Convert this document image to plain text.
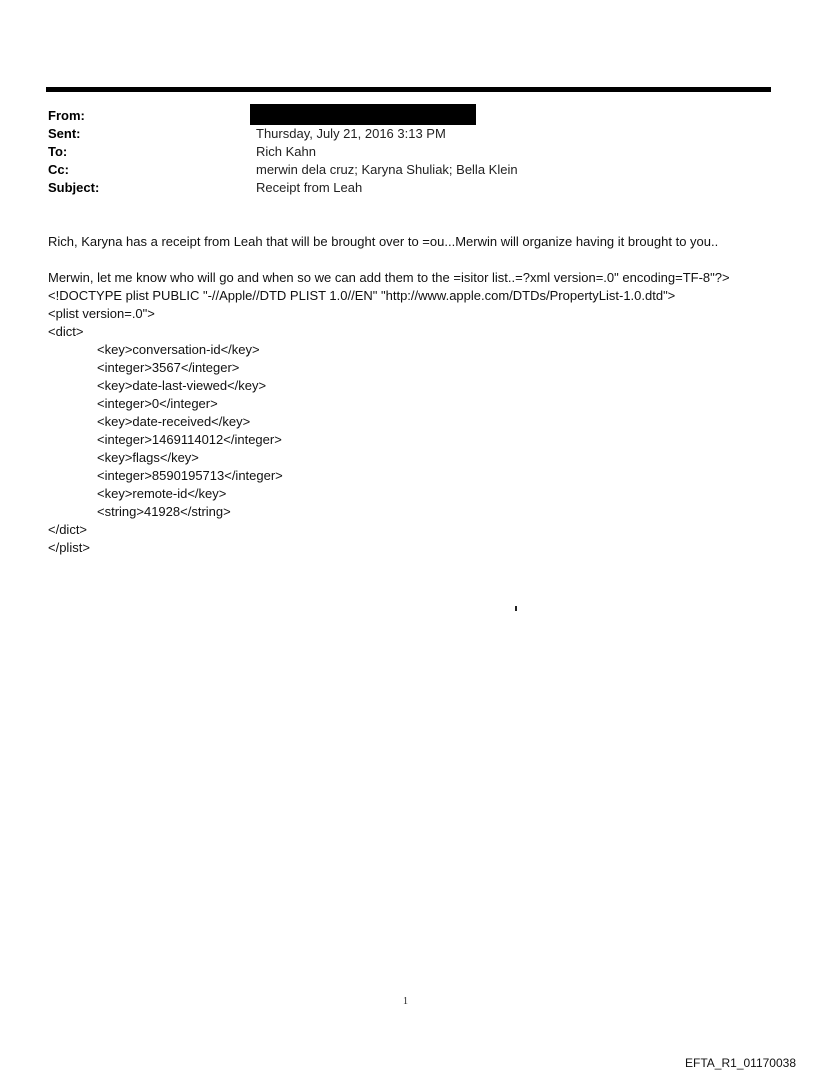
From:
Sent:	Thursday, July 21, 2016 3:13 PM
To:	Rich Kahn
Cc:	merwin dela cruz; Karyna Shuliak; Bella Klein
Subject:	Receipt from Leah

Rich, Karyna has a receipt from Leah that will be brought over to =ou...Merwin will organize having it brought to you..

Merwin, let me know who will go and when so we can add them to the =isitor list..=?xml version=.0" encoding=TF-8"?>

<!DOCTYPE plist PUBLIC "-//Apple//DTD PLIST 1.0//EN" "http://www.apple.com/DTDs/PropertyList-1.0.dtd">

<plist version=.0">

<dict>

<key>conversation-id</key>

<integer>3567</integer>

<key>date-last-viewed</key>

<integer>0</integer>

<key>date-received</key>

<integer>1469114012</integer>

<key>flags</key>

<integer>8590195713</integer>

<key>remote-id</key>

<string>41928</string>

</dict>

</plist>

1
EFTA_R1_01170038
